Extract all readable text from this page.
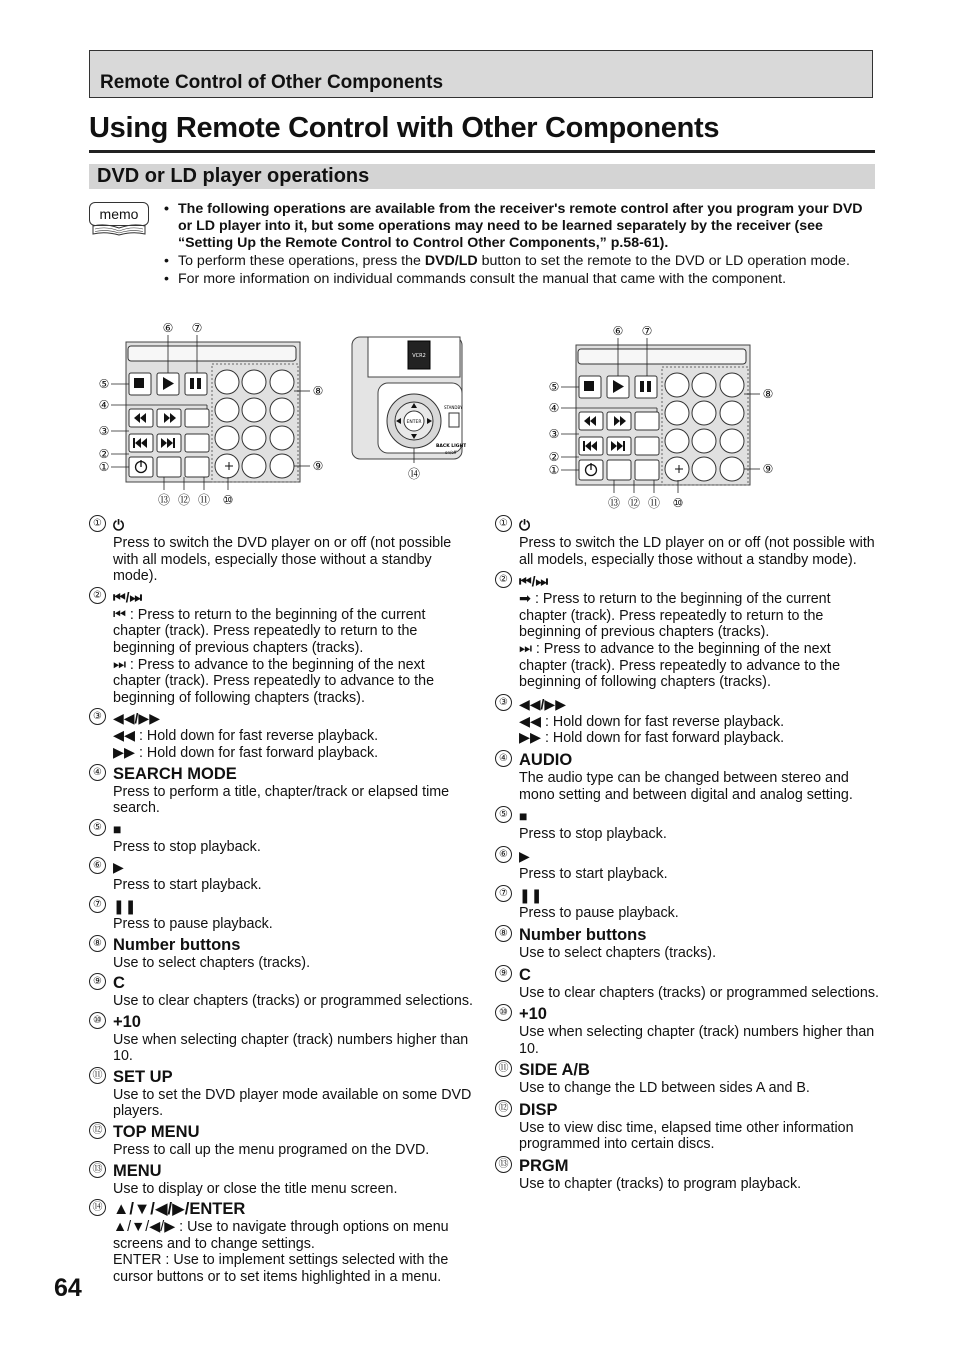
Remote Control of Other Components
Using Remote Control with Other Components
DVD or LD player operations
memo
•	The following operations are available from the receiver's remote control after you program your DVD or LD player into it, but some operations may need to be learned separately by the receiver (see “Setting Up the Remote Control to Control Other Components,” p.58-61).
• To perform these operations, press the DVD/LD button to set the remote to the DVD or LD operation mode.
• For more information on individual commands consult the manual that came with the component.
⑥ ⑦
⑤
④
③
②
①
⑧
⑨
⑬ ⑫ ⑪ ⑩
VCR2
ENTER
STANDBY
BACK LIGHT
on/off
⑭
⑥ ⑦
⑤
④
③
②
①
⑧
⑨
⑬ ⑫ ⑪ ⑩
① ⏻
Press to switch the DVD player on or off (not possible with all models, especially those without a standby mode).
② ⏮/⏭
⏮ : Press to return to the beginning of the current chapter (track). Press repeatedly to return to the beginning of previous chapters (tracks).
⏭ : Press to advance to the beginning of the next chapter (track). Press repeatedly to advance to the beginning of following chapters (tracks).
③ ◀◀/▶▶
◀◀ : Hold down for fast reverse playback.
▶▶ : Hold down for fast forward playback.
④ SEARCH MODE
Press to perform a title, chapter/track or elapsed time search.
⑤ ■
Press to stop playback.
⑥ ▶
Press to start playback.
⑦ ❚❚
Press to pause playback.
⑧ Number buttons
Use to select chapters (tracks).
⑨ C
Use to clear chapters (tracks) or programmed selections.
⑩ +10
Use when selecting chapter (track) numbers higher than 10.
⑪ SET UP
Use to set the DVD player mode available on some DVD players.
⑫ TOP MENU
Press to call up the menu programed on the DVD.
⑬ MENU
Use to display or close the title menu screen.
⑭ ▲/▼/◀/▶/ENTER
▲/▼/◀/▶ : Use to navigate through options on menu screens and to change settings.
ENTER : Use to implement settings selected with the cursor buttons or to set items highlighted in a menu.
① ⏻
Press to switch the LD player on or off (not possible with all models, especially those without a standby mode).
② ⏮/⏭
➡ : Press to return to the beginning of the current chapter (track). Press repeatedly to return to the beginning of previous chapters (tracks).
⏭ : Press to advance to the beginning of the next chapter (track). Press repeatedly to advance to the beginning of following chapters (tracks).
③ ◀◀/▶▶
◀◀ : Hold down for fast reverse playback.
▶▶ : Hold down for fast forward playback.
④ AUDIO
The audio type can be changed between stereo and mono setting and between digital and analog setting.
⑤ ■
Press to stop playback.
⑥ ▶
Press to start playback.
⑦ ❚❚
Press to pause playback.
⑧ Number buttons
Use to select chapters (tracks).
⑨ C
Use to clear chapters (tracks) or programmed selections.
⑩ +10
Use when selecting chapter (track) numbers higher than 10.
⑪ SIDE A/B
Use to change the LD between sides A and B.
⑫ DISP
Use to view disc time, elapsed time other information programmed into certain discs.
⑬ PRGM
Use to chapter (tracks) to program playback.
64
